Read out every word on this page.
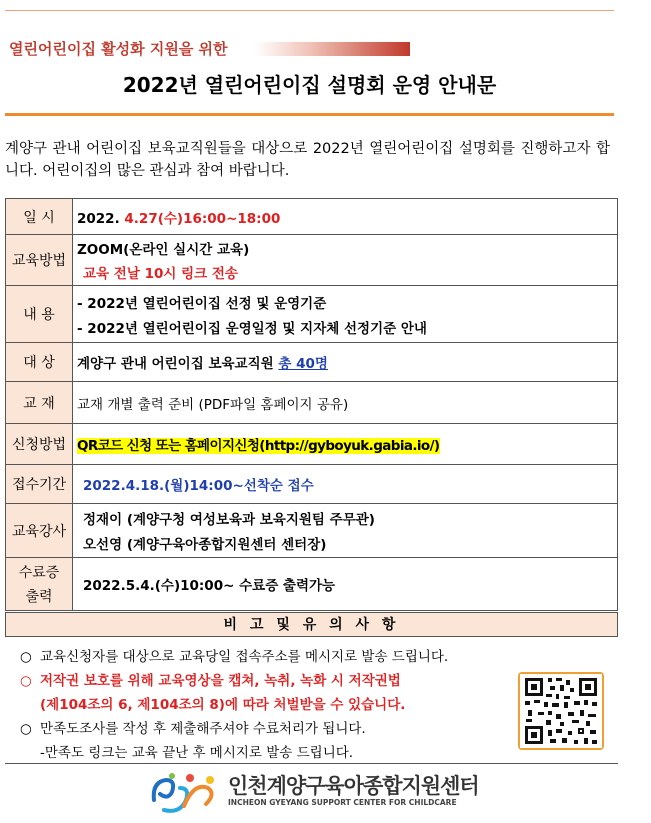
열린어린이집 활성화 지원을 위한
2022년 열린어린이집 설명회 운영 안내문
계양구 관내 어린이집 보육교직원들을 대상으로 2022년 열린어린이집 설명회를 진행하고자 합니다. 어린이집의 많은 관심과 참여 바랍니다.
일 시	2022. 4.27(수)16:00~18:00
교육방법	ZOOM(온라인 실시간 교육)
교육 전날 10시 링크 전송

내 용	- 2022년 열린어린이집 선정 및 운영기준
- 2022년 열린어린이집 운영일정 및 지자체 선정기준 안내

대 상	계양구 관내 어린이집 보육교직원 총 40명
교 재	교재 개별 출력 준비 (PDF파일 홈페이지 공유)
신청방법	QR코드 신청 또는 홈페이지신청(http://gyboyuk.gabia.io/)
접수기간	2022.4.18.(월)14:00~선착순 접수
교육강사	정재이 (계양구청 여성보육과 보육지원팀 주무관)
오선영 (계양구육아종합지원센터 센터장)

수료증
출력	2022.5.4.(수)10:00~ 수료증 출력가능
비 고 및 유 의 사 항
○ 교육신청자를 대상으로 교육당일 접속주소를 메시지로 발송 드립니다.
○ 저작권 보호를 위해 교육영상을 캡쳐, 녹취, 녹화 시 저작권법
(제104조의 6, 제104조의 8)에 따라 처벌받을 수 있습니다.
○ 만족도조사를 작성 후 제출해주셔야 수료처리가 됩니다.
-만족도 링크는 교육 끝난 후 메시지로 발송 드립니다.
인천계양구육아종합지원센터
INCHEON GYEYANG SUPPORT CENTER FOR CHILDCARE
